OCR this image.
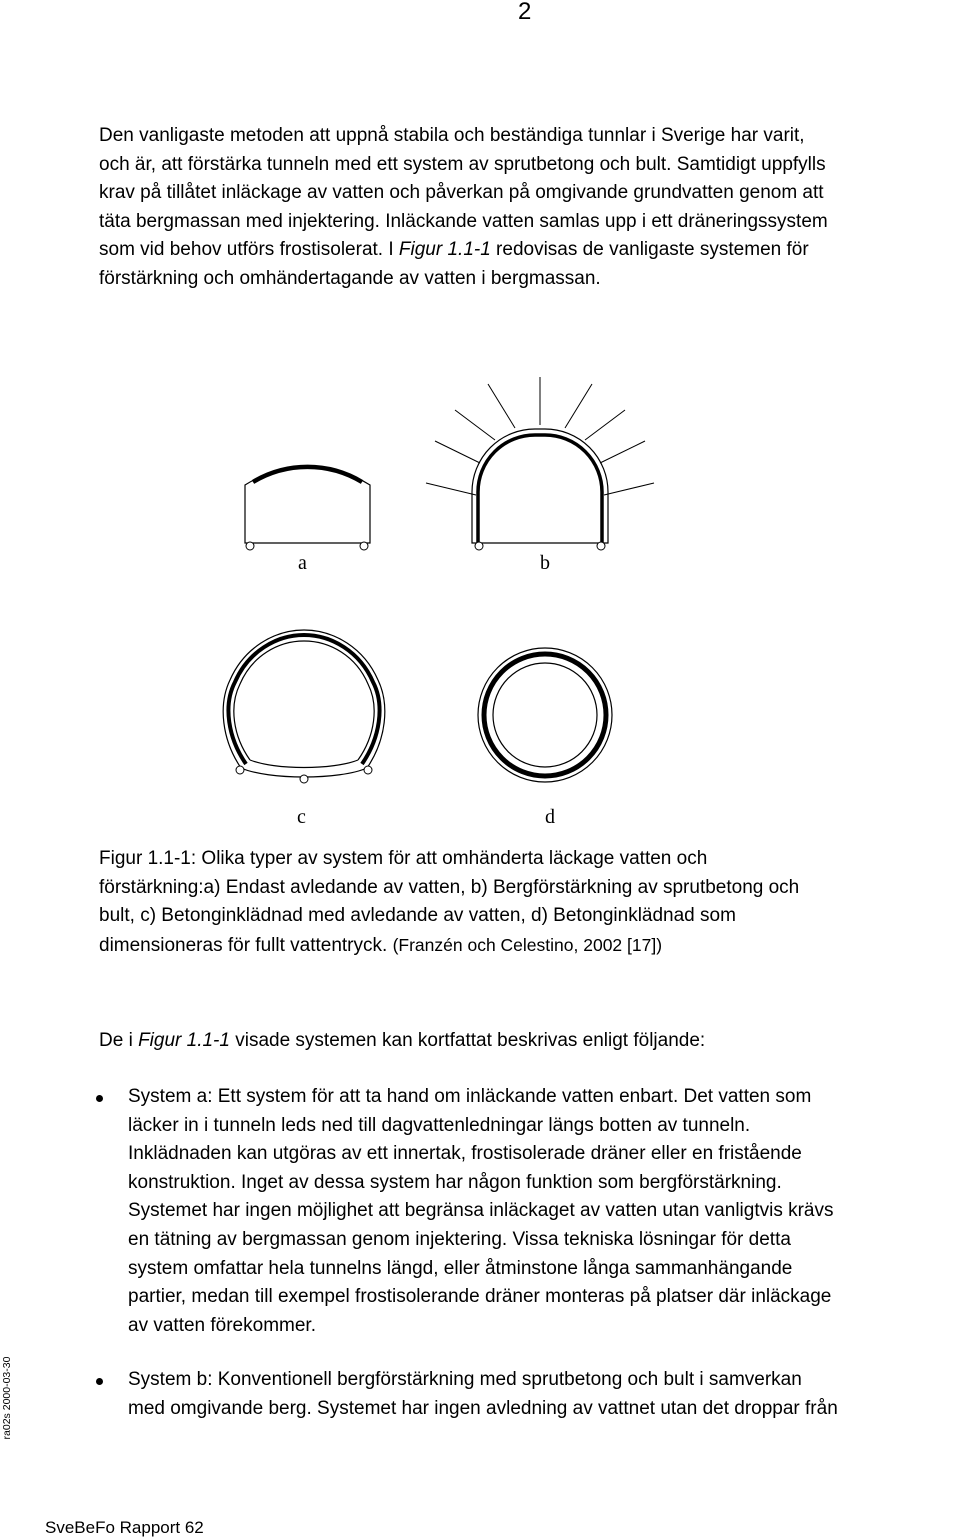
2
Den vanligaste metoden att uppnå stabila och beständiga tunnlar i Sverige har varit,
och är, att förstärka tunneln med ett system av sprutbetong och bult. Samtidigt uppfylls
krav på tillåtet inläckage av vatten och påverkan på omgivande grundvatten genom att
täta bergmassan med injektering. Inläckande vatten samlas upp i ett dräneringssystem
som vid behov utförs frostisolerat. I Figur 1.1-1 redovisas de vanligaste systemen för
förstärkning och omhändertagande av vatten i bergmassan.
a	b
c	d
Figur 1.1-1: Olika typer av system för att omhänderta läckage vatten och
förstärkning:a) Endast avledande av vatten, b) Bergförstärkning av sprutbetong och
bult, c) Betonginklädnad med avledande av vatten, d) Betonginklädnad som
dimensioneras för fullt vattentryck. (Franzén och Celestino, 2002 [17])
De i Figur 1.1-1 visade systemen kan kortfattat beskrivas enligt följande:
System a: Ett system för att ta hand om inläckande vatten enbart. Det vatten som
läcker in i tunneln leds ned till dagvattenledningar längs botten av tunneln.
Inklädnaden kan utgöras av ett innertak, frostisolerade dräner eller en fristående
konstruktion. Inget av dessa system har någon funktion som bergförstärkning.
Systemet har ingen möjlighet att begränsa inläckaget av vatten utan vanligtvis krävs
en tätning av bergmassan genom injektering. Vissa tekniska lösningar för detta
system omfattar hela tunnelns längd, eller åtminstone långa sammanhängande
partier, medan till exempel frostisolerande dräner monteras på platser där inläckage
av vatten förekommer.
System b: Konventionell bergförstärkning med sprutbetong och bult i samverkan
med omgivande berg. Systemet har ingen avledning av vattnet utan det droppar från
ra02s 2000-03-30
SveBeFo Rapport 62
